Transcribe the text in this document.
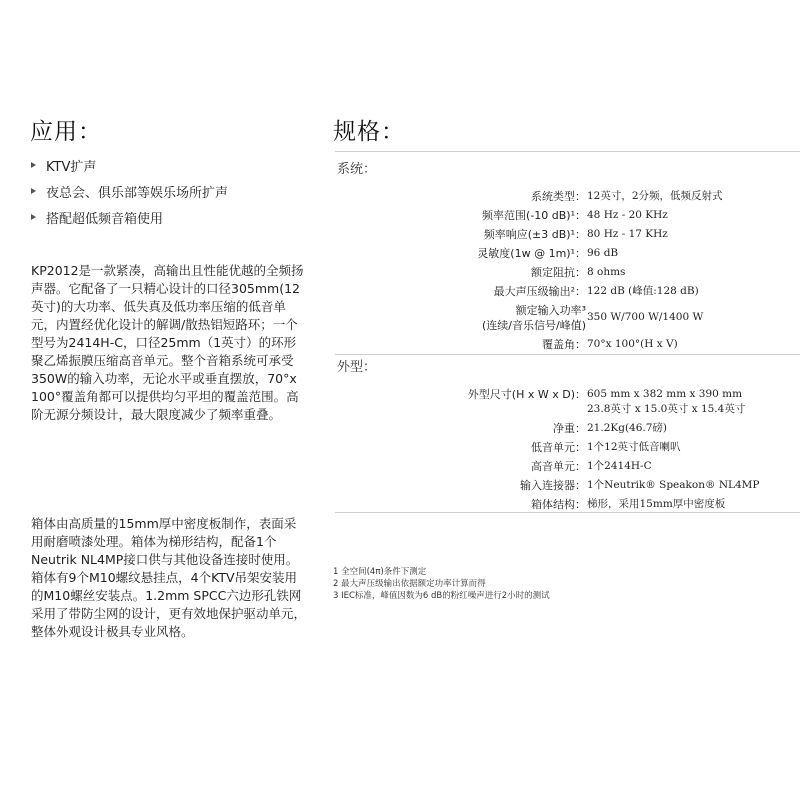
应用：
KTV扩声
夜总会、俱乐部等娱乐场所扩声
搭配超低频音箱使用
KP2012是一款紧凑，高输出且性能优越的全频扬声器。它配备了一只精心设计的口径305mm(12英寸)的大功率、低失真及低功率压缩的低音单元，内置经优化设计的解调/散热铝短路环；一个型号为2414H-C，口径25mm（1英寸）的环形聚乙烯振膜压缩高音单元。整个音箱系统可承受350W的输入功率，无论水平或垂直摆放，70°x 100°覆盖角都可以提供均匀平坦的覆盖范围。高阶无源分频设计，最大限度减少了频率重叠。
箱体由高质量的15mm厚中密度板制作，表面采用耐磨喷漆处理。箱体为梯形结构，配备1个Neutrik NL4MP接口供与其他设备连接时使用。箱体有9个M10螺纹悬挂点，4个KTV吊架安装用的M10螺丝安装点。1.2mm SPCC六边形孔铁网采用了带防尘网的设计，更有效地保护驱动单元，整体外观设计极具专业风格。
规格：
系统：
系统类型： 12英寸，2分频，低频反射式
频率范围(-10 dB)¹： 48 Hz - 20 KHz
频率响应(±3 dB)¹： 80 Hz - 17 KHz
灵敏度(1w @ 1m)¹： 96 dB
额定阻抗： 8 ohms
最大声压级输出²： 122 dB (峰值:128 dB)
额定输入功率³
(连续/音乐信号/峰值)
350 W/700 W/1400 W
覆盖角： 70°x 100°(H x V)
外型：
外型尺寸(H x W x D)： 605 mm x 382 mm x 390 mm
23.8英寸 x 15.0英寸 x 15.4英寸
净重： 21.2Kg(46.7磅)
低音单元： 1个12英寸低音喇叭
高音单元： 1个2414H-C
输入连接器： 1个Neutrik® Speakon® NL4MP
箱体结构： 梯形，采用15mm厚中密度板
1 全空间(4π)条件下测定
2 最大声压级输出依据额定功率计算而得
3 IEC标准，峰值因数为6 dB的粉红噪声进行2小时的测试
